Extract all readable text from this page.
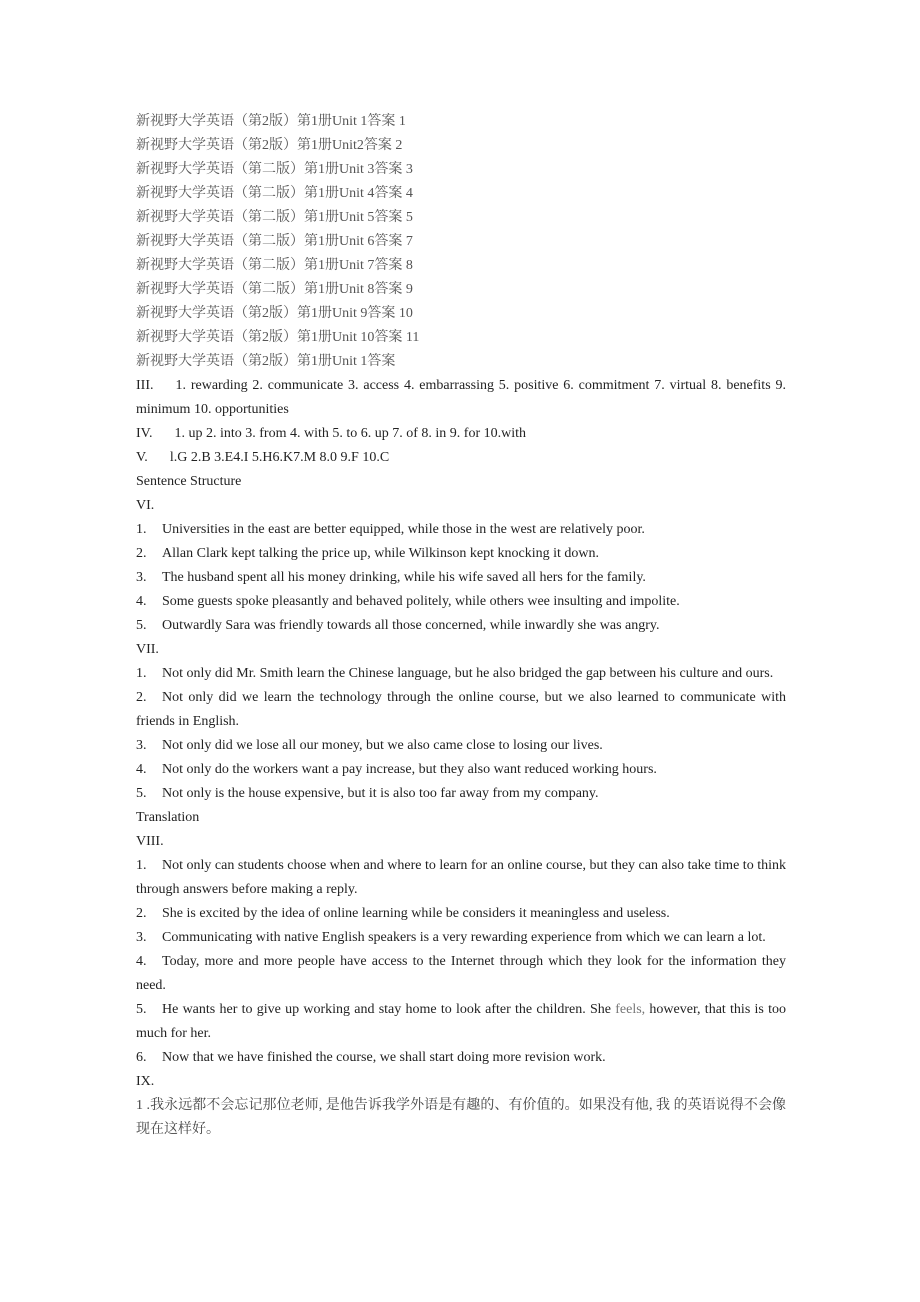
新视野大学英语（第2版）第1册Unit 1答案 1
新视野大学英语（第2版）第1册Unit2答案 2
新视野大学英语（第二版）第1册Unit 3答案 3
新视野大学英语（第二版）第1册Unit 4答案 4
新视野大学英语（第二版）第1册Unit 5答案 5
新视野大学英语（第二版）第1册Unit 6答案 7
新视野大学英语（第二版）第1册Unit 7答案 8
新视野大学英语（第二版）第1册Unit 8答案 9
新视野大学英语（第2版）第1册Unit 9答案 10
新视野大学英语（第2版）第1册Unit 10答案 11
新视野大学英语（第2版）第1册Unit 1答案
III. 1. rewarding 2. communicate 3. access 4. embarrassing 5. positive 6. commitment 7. virtual 8. benefits 9. minimum 10. opportunities
IV. 1. up 2. into 3. from 4. with 5. to 6. up 7. of 8. in 9. for 10.with
V. l.G 2.B 3.E4.I 5.H6.K7.M 8.0 9.F 10.C
Sentence Structure
VI.
1. Universities in the east are better equipped, while those in the west are relatively poor.
2. Allan Clark kept talking the price up, while Wilkinson kept knocking it down.
3. The husband spent all his money drinking, while his wife saved all hers for the family.
4. Some guests spoke pleasantly and behaved politely, while others wee insulting and impolite.
5. Outwardly Sara was friendly towards all those concerned, while inwardly she was angry.
VII.
1. Not only did Mr. Smith learn the Chinese language, but he also bridged the gap between his culture and ours.
2. Not only did we learn the technology through the online course, but we also learned to communicate with friends in English.
3. Not only did we lose all our money, but we also came close to losing our lives.
4. Not only do the workers want a pay increase, but they also want reduced working hours.
5. Not only is the house expensive, but it is also too far away from my company.
Translation
VIII.
1. Not only can students choose when and where to learn for an online course, but they can also take time to think through answers before making a reply.
2. She is excited by the idea of online learning while be considers it meaningless and useless.
3. Communicating with native English speakers is a very rewarding experience from which we can learn a lot.
4. Today, more and more people have access to the Internet through which they look for the information they need.
5. He wants her to give up working and stay home to look after the children. She feels, however, that this is too much for her.
6. Now that we have finished the course, we shall start doing more revision work.
IX.
1 .我永远都不会忘记那位老师, 是他告诉我学外语是有趣的、有价值的。如果没有他, 我 的英语说得不会像现在这样好。
